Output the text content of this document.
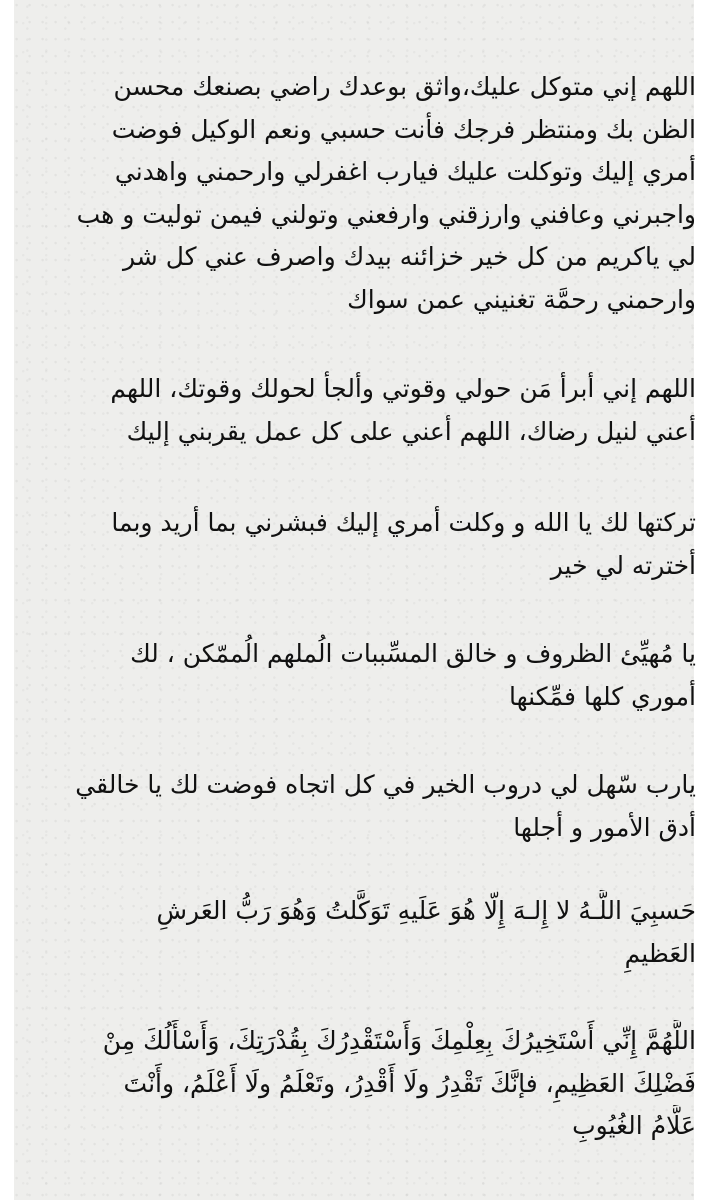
اللهم إني متوكل عليك،واثق بوعدك راضي بصنعك محسن
الظن بك ومنتظر فرجك فأنت حسبي ونعم الوكيل فوضت
أمري إليك وتوكلت عليك فيارب اغفرلي وارحمني واهدني
واجبرني وعافني وارزقني وارفعني وتولني فيمن توليت و هب
لي ياكريم من كل خير خزائنه بيدك واصرف عني كل شر
وارحمني رحمَّة تغنيني عمن سواك
اللهم إني أبرأ مَن حولي وقوتي وألجأ لحولك وقوتك، اللهم
أعني لنيل رضاك، اللهم أعني على كل عمل يقربني إليك
تركتها لك يا الله و وكلت أمري إليك فبشرني بما أريد وبما
أخترته لي خير
يا مُهيِّئ الظروف و خالق المسِّببات الُملهم الُممّكن ، لك
أموري كلها فمِّكنها
يارب سّهل لي دروب الخير في كل اتجاه فوضت لك يا خالقي
أدق الأمور و أجلها
حَسبِيَ اللَّـهُ لا إِلـهَ إِلّا هُوَ عَلَيهِ تَوَكَّلتُ وَهُوَ رَبُّ العَرشِ
العَظيمِ
اللَّهُمَّ إِنِّي أَسْتَخِيرُكَ بِعِلْمِكَ وَأَسْتَقْدِرُكَ بِقُدْرَتِكَ، وَأَسْأَلُكَ مِنْ
فَضْلِكَ العَظِيمِ، فإنَّكَ تَقْدِرُ ولَا أَقْدِرُ، وتَعْلَمُ ولَا أَعْلَمُ، وأَنْتَ
عَلَّامُ الغُيُوبِ
